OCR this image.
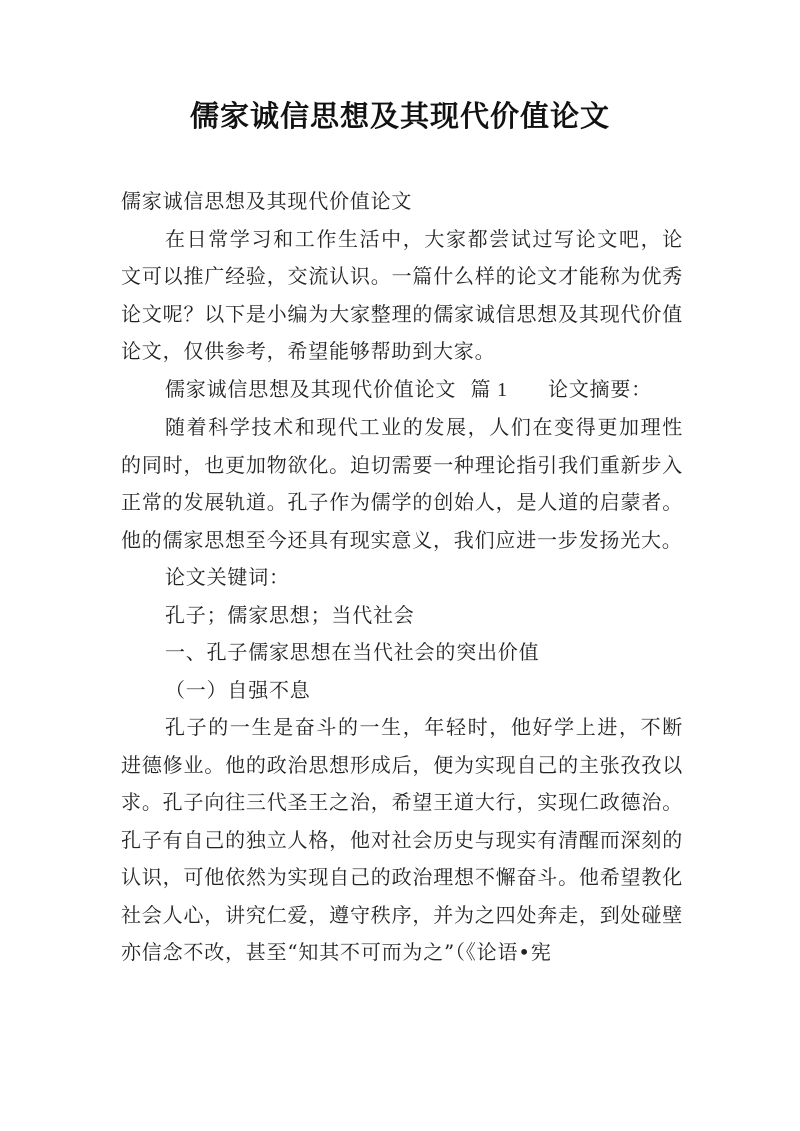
儒家诚信思想及其现代价值论文

儒家诚信思想及其现代价值论文

在日常学习和工作生活中，大家都尝试过写论文吧，论文可以推广经验，交流认识。一篇什么样的论文才能称为优秀论文呢？以下是小编为大家整理的儒家诚信思想及其现代价值论文，仅供参考，希望能够帮助到大家。

儒家诚信思想及其现代价值论文 篇 1 论文摘要：

随着科学技术和现代工业的发展，人们在变得更加理性的同时，也更加物欲化。迫切需要一种理论指引我们重新步入正常的发展轨道。孔子作为儒学的创始人，是人道的启蒙者。他的儒家思想至今还具有现实意义，我们应进一步发扬光大。

论文关键词：

孔子；儒家思想；当代社会

一、孔子儒家思想在当代社会的突出价值

（一）自强不息

孔子的一生是奋斗的一生，年轻时，他好学上进，不断进德修业。他的政治思想形成后，便为实现自己的主张孜孜以求。孔子向往三代圣王之治，希望王道大行，实现仁政德治。孔子有自己的独立人格，他对社会历史与现实有清醒而深刻的认识，可他依然为实现自己的政治理想不懈奋斗。他希望教化社会人心，讲究仁爱，遵守秩序，并为之四处奔走，到处碰壁亦信念不改，甚至“知其不可而为之”（《论语•宪
